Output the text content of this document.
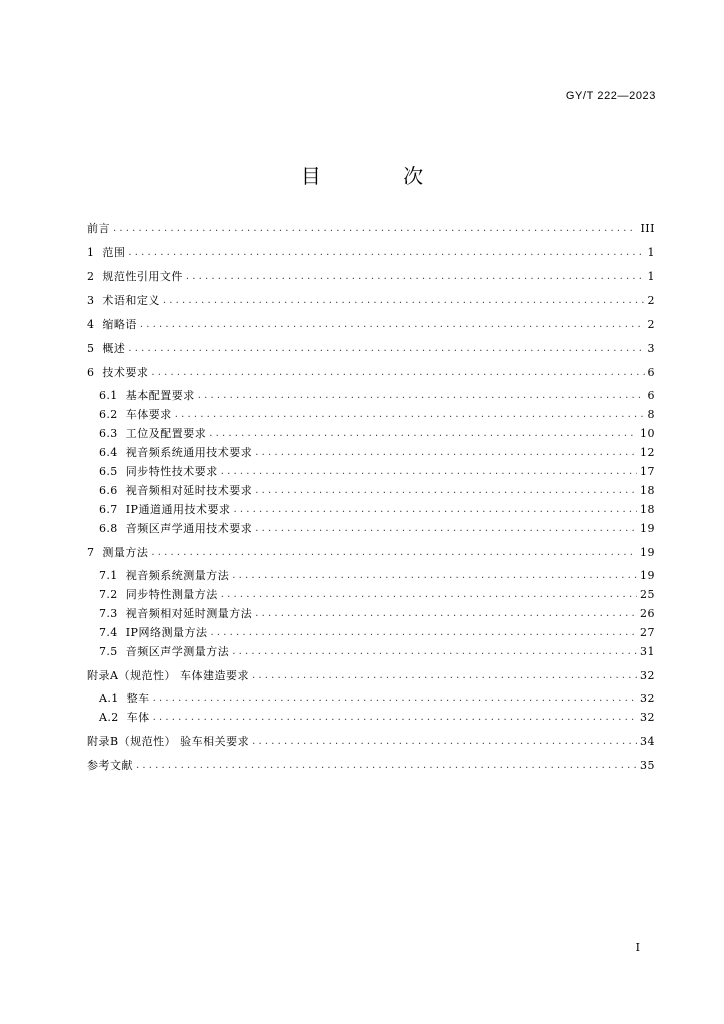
GY/T 222—2023
目 次
前言 .....	III
1 范围 .....	1
2 规范性引用文件 .....	1
3 术语和定义 .....	2
4 缩略语 .....	2
5 概述 .....	3
6 技术要求 .....	6
6.1 基本配置要求 .....	6
6.2 车体要求 .....	8
6.3 工位及配置要求 .....	10
6.4 视音频系统通用技术要求 .....	12
6.5 同步特性技术要求 .....	17
6.6 视音频相对延时技术要求 .....	18
6.7 IP通道通用技术要求 .....	18
6.8 音频区声学通用技术要求 .....	19
7 测量方法 .....	19
7.1 视音频系统测量方法 .....	19
7.2 同步特性测量方法 .....	25
7.3 视音频相对延时测量方法 .....	26
7.4 IP网络测量方法 .....	27
7.5 音频区声学测量方法 .....	31
附录A（规范性） 车体建造要求 .....	32
A.1 整车 .....	32
A.2 车体 .....	32
附录B（规范性） 验车相关要求 .....	34
参考文献 .....	35
I
